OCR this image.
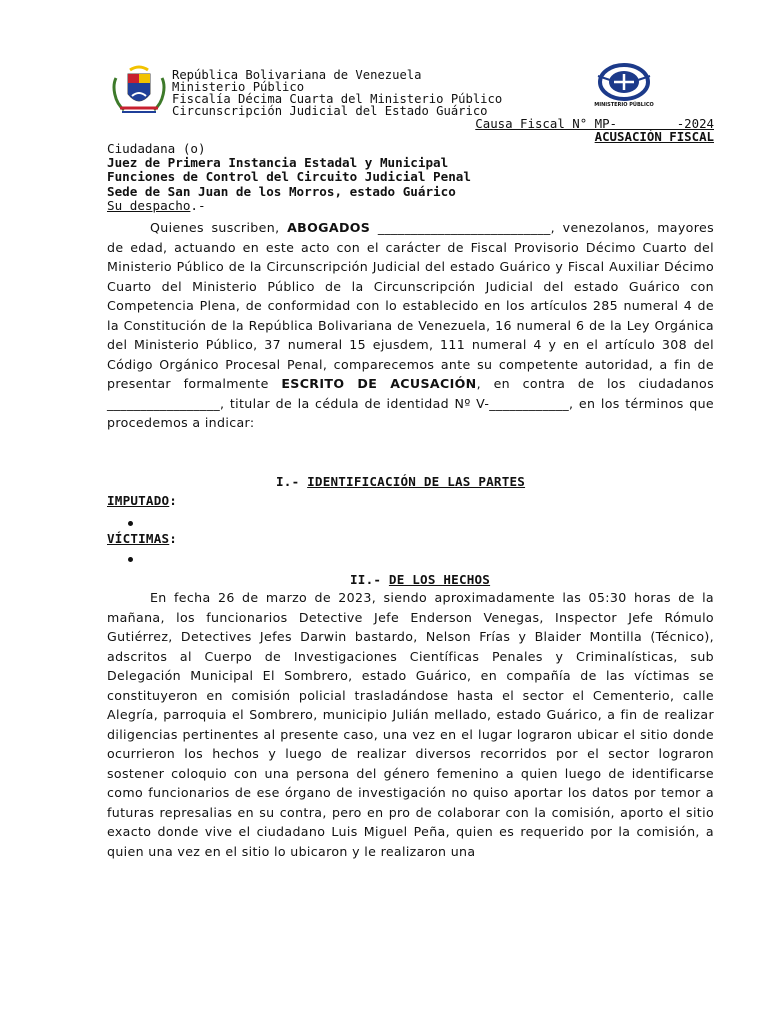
MINISTERIO PÚBLICO
República Bolivariana de Venezuela
Ministerio Público
Fiscalía Décima Cuarta del Ministerio Público
Circunscripción Judicial del Estado Guárico
Causa Fiscal N° MP-        -2024
ACUSACIÓN FISCAL
Ciudadana (o)
Juez de Primera Instancia Estadal y Municipal
Funciones de Control del Circuito Judicial Penal
Sede de San Juan de los Morros, estado Guárico
Su despacho.-

Quienes suscriben, ABOGADOS __________________________, venezolanos, mayores de edad, actuando en este acto con el carácter de Fiscal Provisorio Décimo Cuarto del Ministerio Público de la Circunscripción Judicial del estado Guárico y Fiscal Auxiliar Décimo Cuarto del Ministerio Público de la Circunscripción Judicial del estado Guárico con Competencia Plena, de conformidad con lo establecido en los artículos 285 numeral 4 de la Constitución de la República Bolivariana de Venezuela, 16 numeral 6 de la Ley Orgánica del Ministerio Público, 37 numeral 15 ejusdem, 111 numeral 4 y en el artículo 308 del Código Orgánico Procesal Penal, comparecemos ante su competente autoridad, a fin de presentar formalmente ESCRITO DE ACUSACIÓN, en contra de los ciudadanos _________________, titular de la cédula de identidad Nº V-____________, en los términos que procedemos a indicar:

I.- IDENTIFICACIÓN DE LAS PARTES
IMPUTADO:
VÍCTIMAS:
II.- DE LOS HECHOS

En fecha 26 de marzo de 2023, siendo aproximadamente las 05:30 horas de la mañana, los funcionarios Detective Jefe Enderson Venegas, Inspector Jefe Rómulo Gutiérrez, Detectives Jefes Darwin bastardo, Nelson Frías y Blaider Montilla (Técnico), adscritos al Cuerpo de Investigaciones Científicas Penales y Criminalísticas, sub Delegación Municipal El Sombrero, estado Guárico, en compañía de las víctimas se constituyeron en comisión policial trasladándose hasta el sector el Cementerio, calle Alegría, parroquia el Sombrero, municipio Julián mellado, estado Guárico, a fin de realizar diligencias pertinentes al presente caso, una vez en el lugar lograron ubicar el sitio donde ocurrieron los hechos y luego de realizar diversos recorridos por el sector lograron sostener coloquio con una persona del género femenino a quien luego de identificarse como funcionarios de ese órgano de investigación no quiso aportar los datos por temor a futuras represalias en su contra, pero en pro de colaborar con la comisión, aporto el sitio exacto donde vive el ciudadano Luis Miguel Peña, quien es requerido por la comisión, a quien una vez en el sitio lo ubicaron y le realizaron una
